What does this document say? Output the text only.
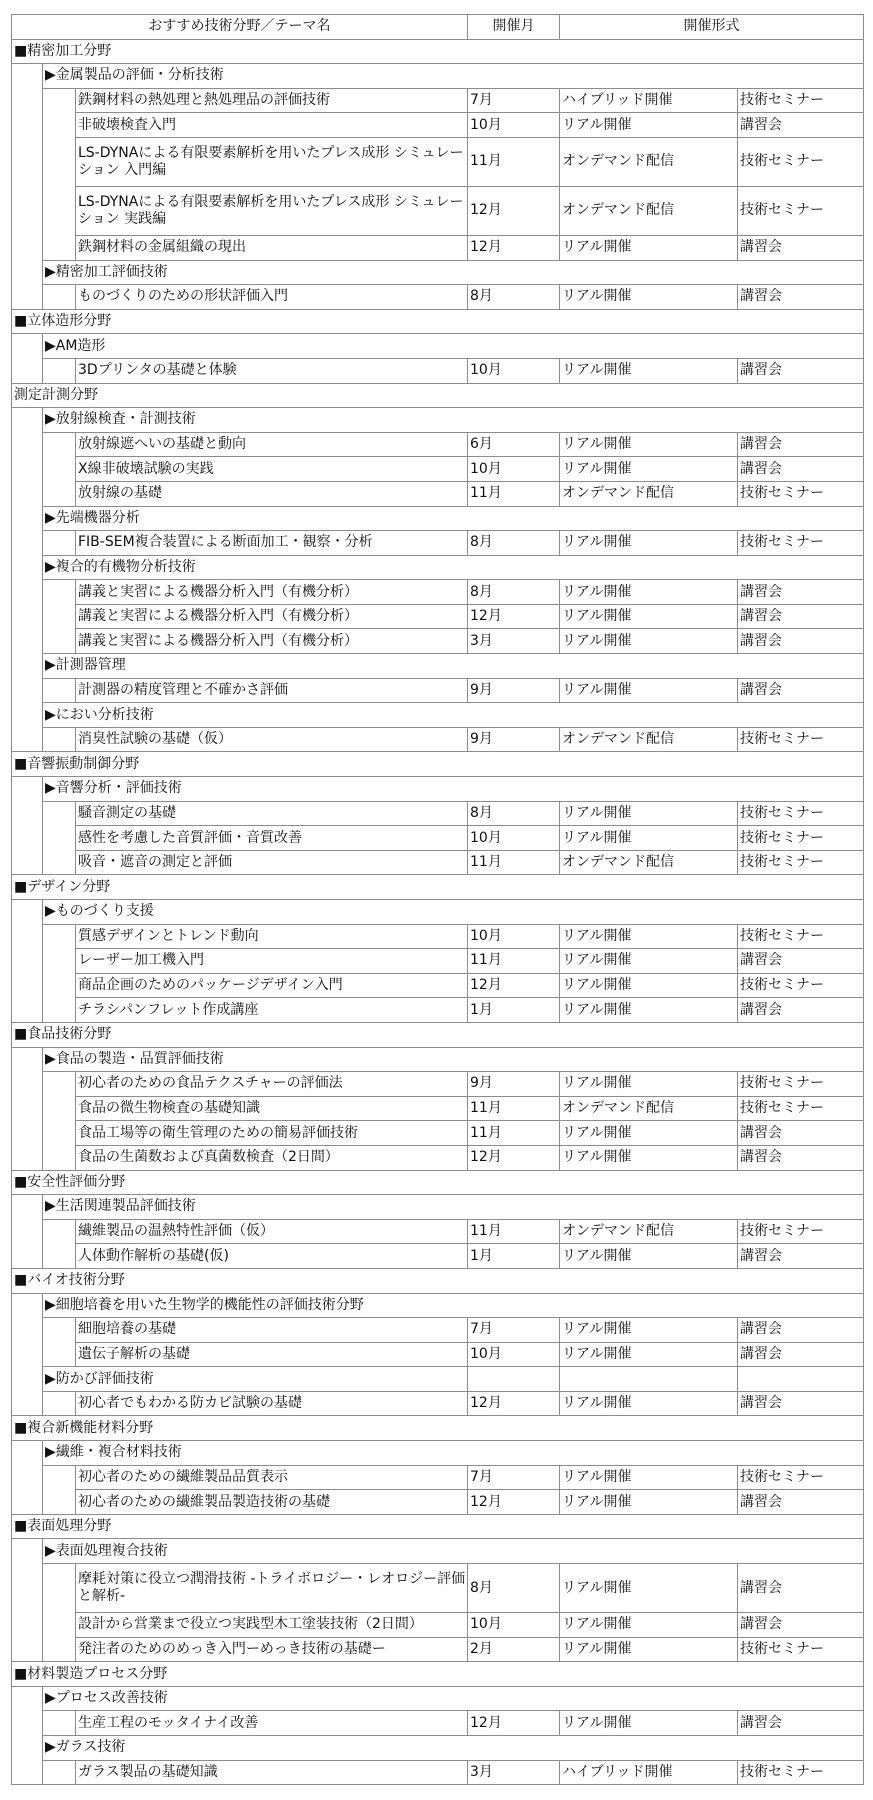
おすすめ技術分野／テーマ名			開催月	開催形式	
■精密加工分野					
	▶金属製品の評価・分析技術				
		鉄鋼材料の熱処理と熱処理品の評価技術	7月	ハイブリッド開催	技術セミナー
		非破壊検査入門	10月	リアル開催	講習会
		LS-DYNAによる有限要素解析を用いたプレス成形 シミュレーション 入門編	11月	オンデマンド配信	技術セミナー
		LS-DYNAによる有限要素解析を用いたプレス成形 シミュレーション 実践編	12月	オンデマンド配信	技術セミナー
		鉄鋼材料の金属組織の現出	12月	リアル開催	講習会
	▶精密加工評価技術				
		ものづくりのための形状評価入門	8月	リアル開催	講習会
■立体造形分野					
	▶AM造形				
		3Dプリンタの基礎と体験	10月	リアル開催	講習会
測定計測分野					
	▶放射線検査・計測技術				
		放射線遮へいの基礎と動向	6月	リアル開催	講習会
		X線非破壊試験の実践	10月	リアル開催	講習会
		放射線の基礎	11月	オンデマンド配信	技術セミナー
	▶先端機器分析				
		FIB-SEM複合装置による断面加工・観察・分析	8月	リアル開催	技術セミナー
	▶複合的有機物分析技術				
		講義と実習による機器分析入門（有機分析）	8月	リアル開催	講習会
		講義と実習による機器分析入門（有機分析）	12月	リアル開催	講習会
		講義と実習による機器分析入門（有機分析）	3月	リアル開催	講習会
	▶計測器管理				
		計測器の精度管理と不確かさ評価	9月	リアル開催	講習会
	▶におい分析技術				
		消臭性試験の基礎（仮）	9月	オンデマンド配信	技術セミナー
■音響振動制御分野					
	▶音響分析・評価技術				
		騒音測定の基礎	8月	リアル開催	技術セミナー
		感性を考慮した音質評価・音質改善	10月	リアル開催	技術セミナー
		吸音・遮音の測定と評価	11月	オンデマンド配信	技術セミナー
■デザイン分野					
	▶ものづくり支援				
		質感デザインとトレンド動向	10月	リアル開催	技術セミナー
		レーザー加工機入門	11月	リアル開催	講習会
		商品企画のためのパッケージデザイン入門	12月	リアル開催	技術セミナー
		チラシパンフレット作成講座	1月	リアル開催	講習会
■食品技術分野					
	▶食品の製造・品質評価技術				
		初心者のための食品テクスチャーの評価法	9月	リアル開催	技術セミナー
		食品の微生物検査の基礎知識	11月	オンデマンド配信	技術セミナー
		食品工場等の衛生管理のための簡易評価技術	11月	リアル開催	講習会
		食品の生菌数および真菌数検査（2日間）	12月	リアル開催	講習会
■安全性評価分野					
	▶生活関連製品評価技術				
		繊維製品の温熱特性評価（仮）	11月	オンデマンド配信	技術セミナー
		人体動作解析の基礎(仮)	1月	リアル開催	講習会
■バイオ技術分野					
	▶細胞培養を用いた生物学的機能性の評価技術分野				
		細胞培養の基礎	7月	リアル開催	講習会
		遺伝子解析の基礎	10月	リアル開催	講習会
	▶防かび評価技術				
		初心者でもわかる防カビ試験の基礎	12月	リアル開催	講習会
■複合新機能材料分野					
	▶繊維・複合材料技術				
		初心者のための繊維製品品質表示	7月	リアル開催	技術セミナー
		初心者のための繊維製品製造技術の基礎	12月	リアル開催	講習会
■表面処理分野					
	▶表面処理複合技術				
		摩耗対策に役立つ潤滑技術 -トライボロジー・レオロジー評価と解析-	8月	リアル開催	講習会
		設計から営業まで役立つ実践型木工塗装技術（2日間）	10月	リアル開催	講習会
		発注者のためのめっき入門ーめっき技術の基礎ー	2月	リアル開催	技術セミナー
■材料製造プロセス分野					
	▶プロセス改善技術				
		生産工程のモッタイナイ改善	12月	リアル開催	講習会
	▶ガラス技術				
		ガラス製品の基礎知識	3月	ハイブリッド開催	技術セミナー
